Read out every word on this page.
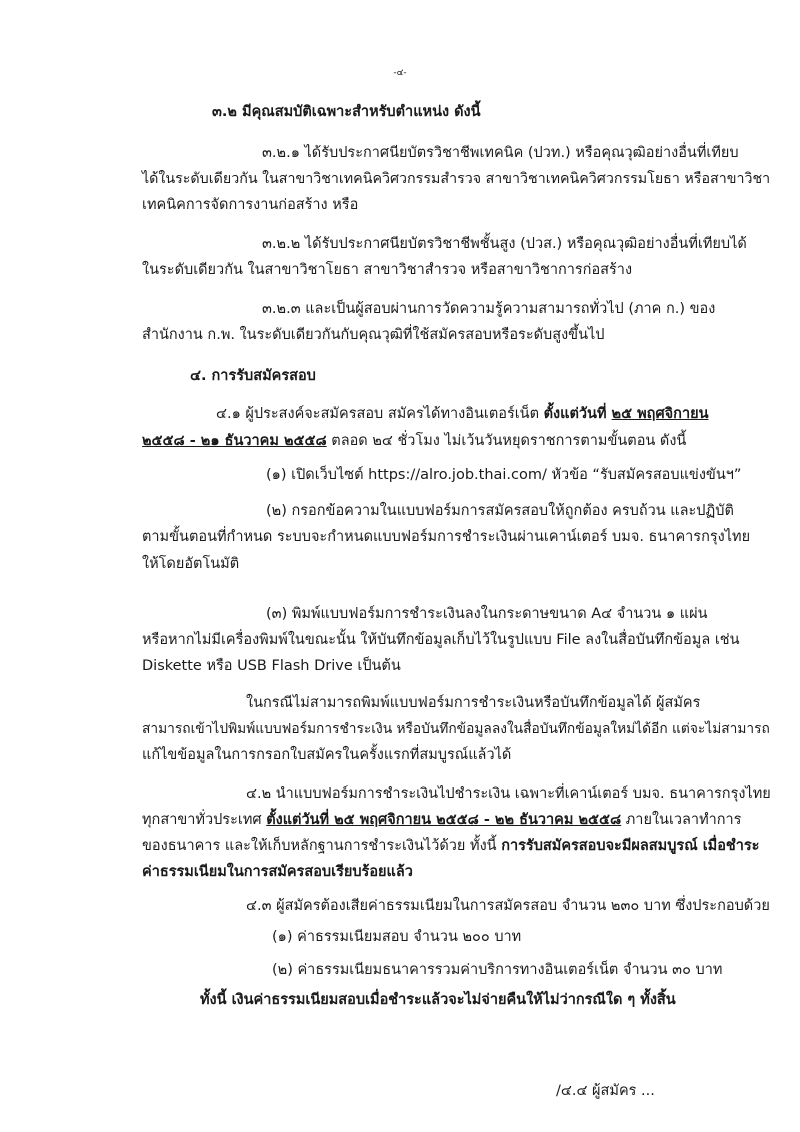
-๔-
๓.๒ มีคุณสมบัติเฉพาะสำหรับตำแหน่ง ดังนี้
๓.๒.๑ ได้รับประกาศนียบัตรวิชาชีพเทคนิค (ปวท.) หรือคุณวุฒิอย่างอื่นที่เทียบ
ได้ในระดับเดียวกัน ในสาขาวิชาเทคนิควิศวกรรมสำรวจ สาขาวิชาเทคนิควิศวกรรมโยธา หรือสาขาวิชา
เทคนิคการจัดการงานก่อสร้าง หรือ
๓.๒.๒ ได้รับประกาศนียบัตรวิชาชีพชั้นสูง (ปวส.) หรือคุณวุฒิอย่างอื่นที่เทียบได้
ในระดับเดียวกัน ในสาขาวิชาโยธา สาขาวิชาสำรวจ หรือสาขาวิชาการก่อสร้าง
๓.๒.๓ และเป็นผู้สอบผ่านการวัดความรู้ความสามารถทั่วไป (ภาค ก.) ของ
สำนักงาน ก.พ. ในระดับเดียวกันกับคุณวุฒิที่ใช้สมัครสอบหรือระดับสูงขึ้นไป
๔. การรับสมัครสอบ
๔.๑ ผู้ประสงค์จะสมัครสอบ สมัครได้ทางอินเตอร์เน็ต ตั้งแต่วันที่ ๒๕ พฤศจิกายน
๒๕๕๘ - ๒๑ ธันวาคม ๒๕๕๘ ตลอด ๒๔ ชั่วโมง ไม่เว้นวันหยุดราชการตามขั้นตอน ดังนี้
(๑) เปิดเว็บไซต์ https://alro.job.thai.com/ หัวข้อ “รับสมัครสอบแข่งขันฯ”
(๒) กรอกข้อความในแบบฟอร์มการสมัครสอบให้ถูกต้อง ครบถ้วน และปฏิบัติ
ตามขั้นตอนที่กำหนด ระบบจะกำหนดแบบฟอร์มการชำระเงินผ่านเคาน์เตอร์ บมจ. ธนาคารกรุงไทย
ให้โดยอัตโนมัติ
(๓) พิมพ์แบบฟอร์มการชำระเงินลงในกระดาษขนาด A๔ จำนวน ๑ แผ่น
หรือหากไม่มีเครื่องพิมพ์ในขณะนั้น ให้บันทึกข้อมูลเก็บไว้ในรูปแบบ File ลงในสื่อบันทึกข้อมูล เช่น
Diskette หรือ USB Flash Drive เป็นต้น
ในกรณีไม่สามารถพิมพ์แบบฟอร์มการชำระเงินหรือบันทึกข้อมูลได้ ผู้สมัคร
สามารถเข้าไปพิมพ์แบบฟอร์มการชำระเงิน หรือบันทึกข้อมูลลงในสื่อบันทึกข้อมูลใหม่ได้อีก แต่จะไม่สามารถ
แก้ไขข้อมูลในการกรอกใบสมัครในครั้งแรกที่สมบูรณ์แล้วได้
๔.๒ นำแบบฟอร์มการชำระเงินไปชำระเงิน เฉพาะที่เคาน์เตอร์ บมจ. ธนาคารกรุงไทย
ทุกสาขาทั่วประเทศ ตั้งแต่วันที่ ๒๕ พฤศจิกายน ๒๕๕๘ - ๒๒ ธันวาคม ๒๕๕๘ ภายในเวลาทำการ
ของธนาคาร และให้เก็บหลักฐานการชำระเงินไว้ด้วย ทั้งนี้ การรับสมัครสอบจะมีผลสมบูรณ์ เมื่อชำระ
ค่าธรรมเนียมในการสมัครสอบเรียบร้อยแล้ว
๔.๓ ผู้สมัครต้องเสียค่าธรรมเนียมในการสมัครสอบ จำนวน ๒๓๐ บาท ซึ่งประกอบด้วย
(๑) ค่าธรรมเนียมสอบ จำนวน ๒๐๐ บาท
(๒) ค่าธรรมเนียมธนาคารรวมค่าบริการทางอินเตอร์เน็ต จำนวน ๓๐ บาท
ทั้งนี้ เงินค่าธรรมเนียมสอบเมื่อชำระแล้วจะไม่จ่ายคืนให้ไม่ว่ากรณีใด ๆ ทั้งสิ้น
/๔.๔ ผู้สมัคร ...
